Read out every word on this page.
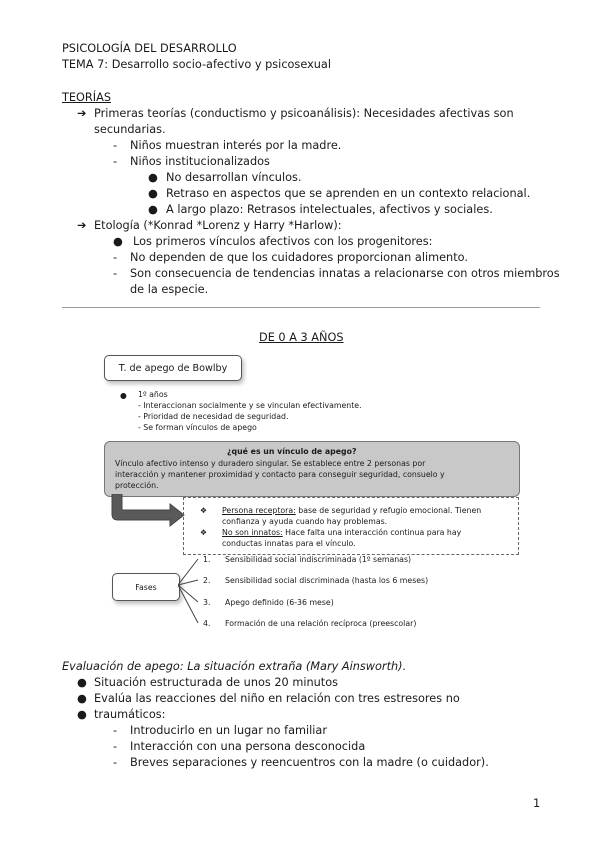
PSICOLOGÍA DEL DESARROLLO
TEMA 7: Desarrollo socio-afectivo y psicosexual
TEORÍAS
➔ Primeras teorías (conductismo y psicoanálisis): Necesidades afectivas son
secundarias.
- Niños muestran interés por la madre.
- Niños institucionalizados
● No desarrollan vínculos.
● Retraso en aspectos que se aprenden en un contexto relacional.
● A largo plazo: Retrasos intelectuales, afectivos y sociales.
➔ Etología (*Konrad *Lorenz y Harry *Harlow):
● Los primeros vínculos afectivos con los progenitores:
- No dependen de que los cuidadores proporcionan alimento.
- Son consecuencia de tendencias innatas a relacionarse con otros miembros
de la especie.
DE 0 A 3 AÑOS
T. de apego de Bowlby
● 1º años
- Interaccionan socialmente y se vinculan efectivamente.
- Prioridad de necesidad de seguridad.
- Se forman vínculos de apego
¿qué es un vínculo de apego?
Vínculo afectivo intenso y duradero singular. Se establece entre 2 personas por
interacción y mantener proximidad y contacto para conseguir seguridad, consuelo y
protección.
❖ Persona receptora: base de seguridad y refugio emocional. Tienen
confianza y ayuda cuando hay problemas.
❖ No son innatos: Hace falta una interacción continua para hay
conductas innatas para el vínculo.
Fases
1. Sensibilidad social indiscriminada (1º semanas)
2. Sensibilidad social discriminada (hasta los 6 meses)
3. Apego definido (6-36 mese)
4. Formación de una relación recíproca (preescolar)
Evaluación de apego: La situación extraña (Mary Ainsworth).
● Situación estructurada de unos 20 minutos
● Evalúa las reacciones del niño en relación con tres estresores no
● traumáticos:
- Introducirlo en un lugar no familiar
- Interacción con una persona desconocida
- Breves separaciones y reencuentros con la madre (o cuidador).
1
